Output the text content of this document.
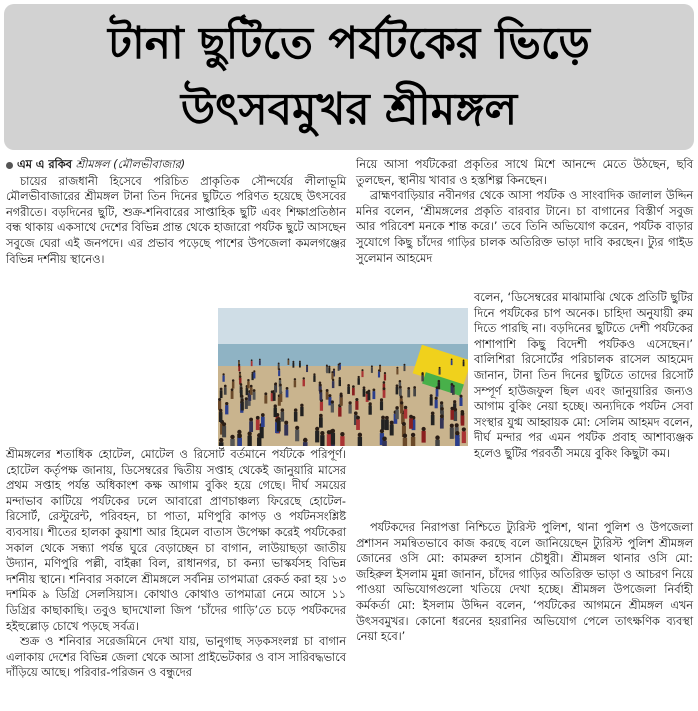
টানা ছুটিতে পর্যটকের ভিড়ে
উৎসবমুখর শ্রীমঙ্গল

এম এ রকিব শ্রীমঙ্গল (মৌলভীবাজার)

চায়ের রাজধানী হিসেবে পরিচিত প্রাকৃতিক সৌন্দর্যের লীলাভূমি মৌলভীবাজারের শ্রীমঙ্গল টানা তিন দিনের ছুটিতে পরিণত হয়েছে উৎসবের নগরীতে। বড়দিনের ছুটি, শুক্র-শনিবারের সাপ্তাহিক ছুটি এবং শিক্ষাপ্রতিষ্ঠান বন্ধ থাকায় একসাথে দেশের বিভিন্ন প্রান্ত থেকে হাজারো পর্যটক ছুটে আসছেন সবুজে ঘেরা এই জনপদে। এর প্রভাব পড়েছে পাশের উপজেলা কমলগঞ্জের বিভিন্ন দর্শনীয় স্থানেও।

নিয়ে আসা পর্যটকেরা প্রকৃতির সাথে মিশে আনন্দে মেতে উঠছেন, ছবি তুলছেন, স্থানীয় খাবার ও হস্তশিল্প কিনছেন।

ব্রাহ্মণবাড়িয়ার নবীনগর থেকে আসা পর্যটক ও সাংবাদিক জালাল উদ্দিন মনির বলেন, ‘শ্রীমঙ্গলের প্রকৃতি বারবার টানে। চা বাগানের বিস্তীর্ণ সবুজ আর পরিবেশ মনকে শান্ত করে।’ তবে তিনি অভিযোগ করেন, পর্যটক বাড়ার সুযোগে কিছু চাঁদের গাড়ির চালক অতিরিক্ত ভাড়া দাবি করছেন। ট্যুর গাইড সুলেমান আহমেদ

বলেন, ‘ডিসেম্বরের মাঝামাঝি থেকে প্রতিটি ছুটির দিনে পর্যটকের চাপ অনেক। চাহিদা অনুযায়ী রুম দিতে পারছি না। বড়দিনের ছুটিতে দেশী পর্যটকের পাশাপাশি কিছু বিদেশী পর্যটকও এসেছেন।’ বালিশিরা রিসোর্টের পরিচালক রাসেল আহমেদ জানান, টানা তিন দিনের ছুটিতে তাদের রিসোর্ট সম্পূর্ণ হাউজফুল ছিল এবং জানুয়ারির জন্যও আগাম বুকিং নেয়া হচ্ছে। অন্যদিকে পর্যটন সেবা সংস্থার যুগ্ম আহ্বায়ক মো: সেলিম আহমদ বলেন, দীর্ঘ মন্দার পর এমন পর্যটক প্রবাহ আশাব্যঞ্জক হলেও ছুটির পরবর্তী সময়ে বুকিং কিছুটা কম।

পর্যটকদের নিরাপত্তা নিশ্চিতে ট্যুরিস্ট পুলিশ, থানা পুলিশ ও উপজেলা প্রশাসন সমন্বিতভাবে কাজ করছে বলে জানিয়েছেন ট্যুরিস্ট পুলিশ শ্রীমঙ্গল জোনের ওসি মো: কামরুল হাসান চৌধুরী। শ্রীমঙ্গল থানার ওসি মো: জহিরুল ইসলাম মুন্না জানান, চাঁদের গাড়ির অতিরিক্ত ভাড়া ও আচরণ নিয়ে পাওয়া অভিযোগগুলো খতিয়ে দেখা হচ্ছে। শ্রীমঙ্গল উপজেলা নির্বাহী কর্মকর্তা মো: ইসলাম উদ্দিন বলেন, ‘পর্যটকের আগমনে শ্রীমঙ্গল এখন উৎসবমুখর। কোনো ধরনের হয়রানির অভিযোগ পেলে তাৎক্ষণিক ব্যবস্থা নেয়া হবে।’

শ্রীমঙ্গলের শতাধিক হোটেল, মোটেল ও রিসোর্ট বর্তমানে পর্যটকে পরিপূর্ণ। হোটেল কর্তৃপক্ষ জানায়, ডিসেম্বরের দ্বিতীয় সপ্তাহ থেকেই জানুয়ারি মাসের প্রথম সপ্তাহ পর্যন্ত অধিকাংশ কক্ষ আগাম বুকিং হয়ে গেছে। দীর্ঘ সময়ের মন্দাভাব কাটিয়ে পর্যটকের ঢলে আবারো প্রাণচাঞ্চল্য ফিরেছে হোটেল-রিসোর্ট, রেস্টুরেন্ট, পরিবহন, চা পাতা, মণিপুরি কাপড় ও পর্যটনসংশ্লিষ্ট ব্যবসায়। শীতের হালকা কুয়াশা আর হিমেল বাতাস উপেক্ষা করেই পর্যটকেরা সকাল থেকে সন্ধ্যা পর্যন্ত ঘুরে বেড়াচ্ছেন চা বাগান, লাউয়াছড়া জাতীয় উদ্যান, মণিপুরি পল্লী, বাইক্কা বিল, রাধানগর, চা কন্যা ভাস্কর্যসহ বিভিন্ন দর্শনীয় স্থানে। শনিবার সকালে শ্রীমঙ্গলে সর্বনিম্ন তাপমাত্রা রেকর্ড করা হয় ১৩ দশমিক ৯ ডিগ্রি সেলসিয়াস। কোথাও কোথাও তাপমাত্রা নেমে আসে ১১ ডিগ্রির কাছাকাছি। তবুও ছাদখোলা জিপ ‘চাঁদের গাড়ি’তে চড়ে পর্যটকদের হইহুল্লোড় চোখে পড়ছে সর্বত্র।

শুক্র ও শনিবার সরেজমিনে দেখা যায়, ভানুগাছ সড়কসংলগ্ন চা বাগান এলাকায় দেশের বিভিন্ন জেলা থেকে আসা প্রাইভেটকার ও বাস সারিবদ্ধভাবে দাঁড়িয়ে আছে। পরিবার-পরিজন ও বন্ধুদের
